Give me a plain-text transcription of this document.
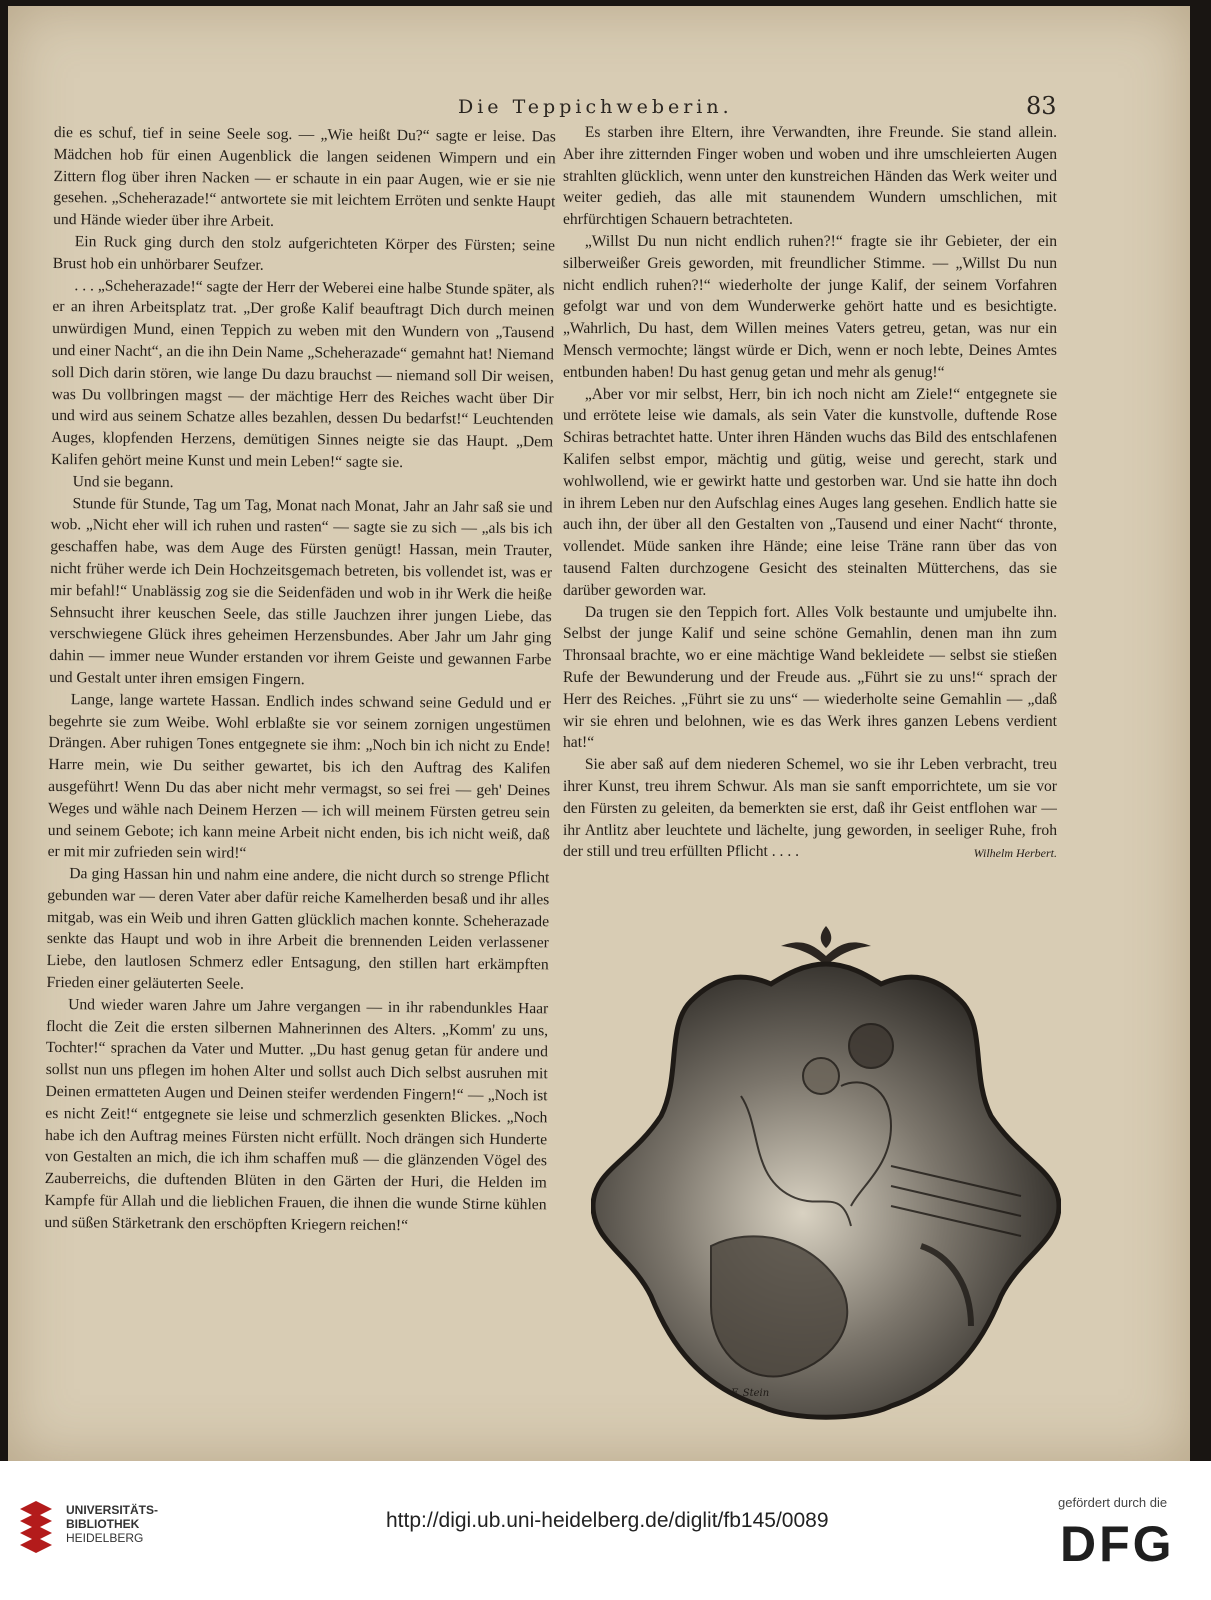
Die Teppichweberin.	83

die es schuf, tief in seine Seele sog. — „Wie heißt Du?“ sagte er leise. Das Mädchen hob für einen Augenblick die langen seidenen Wimpern und ein Zittern flog über ihren Nacken — er schaute in ein paar Augen, wie er sie nie gesehen. „Scheherazade!“ antwortete sie mit leichtem Erröten und senkte Haupt und Hände wieder über ihre Arbeit.

Ein Ruck ging durch den stolz aufgerichteten Körper des Fürsten; seine Brust hob ein unhörbarer Seufzer.

. . . „Scheherazade!“ sagte der Herr der Weberei eine halbe Stunde später, als er an ihren Arbeitsplatz trat. „Der große Kalif beauftragt Dich durch meinen unwürdigen Mund, einen Teppich zu weben mit den Wundern von „Tausend und einer Nacht“, an die ihn Dein Name „Scheherazade“ gemahnt hat! Niemand soll Dich darin stören, wie lange Du dazu brauchst — niemand soll Dir weisen, was Du vollbringen magst — der mächtige Herr des Reiches wacht über Dir und wird aus seinem Schatze alles bezahlen, dessen Du bedarfst!“ Leuchtenden Auges, klopfenden Herzens, demütigen Sinnes neigte sie das Haupt. „Dem Kalifen gehört meine Kunst und mein Leben!“ sagte sie.

Und sie begann.

Stunde für Stunde, Tag um Tag, Monat nach Monat, Jahr an Jahr saß sie und wob. „Nicht eher will ich ruhen und rasten“ — sagte sie zu sich — „als bis ich geschaffen habe, was dem Auge des Fürsten genügt! Hassan, mein Trauter, nicht früher werde ich Dein Hochzeitsgemach betreten, bis vollendet ist, was er mir befahl!“ Unablässig zog sie die Seidenfäden und wob in ihr Werk die heiße Sehnsucht ihrer keuschen Seele, das stille Jauchzen ihrer jungen Liebe, das verschwiegene Glück ihres geheimen Herzensbundes. Aber Jahr um Jahr ging dahin — immer neue Wunder erstanden vor ihrem Geiste und gewannen Farbe und Gestalt unter ihren emsigen Fingern.

Lange, lange wartete Hassan. Endlich indes schwand seine Geduld und er begehrte sie zum Weibe. Wohl erblaßte sie vor seinem zornigen ungestümen Drängen. Aber ruhigen Tones entgegnete sie ihm: „Noch bin ich nicht zu Ende! Harre mein, wie Du seither gewartet, bis ich den Auftrag des Kalifen ausgeführt! Wenn Du das aber nicht mehr vermagst, so sei frei — geh' Deines Weges und wähle nach Deinem Herzen — ich will meinem Fürsten getreu sein und seinem Gebote; ich kann meine Arbeit nicht enden, bis ich nicht weiß, daß er mit mir zufrieden sein wird!“

Da ging Hassan hin und nahm eine andere, die nicht durch so strenge Pflicht gebunden war — deren Vater aber dafür reiche Kamelherden besaß und ihr alles mitgab, was ein Weib und ihren Gatten glücklich machen konnte. Scheherazade senkte das Haupt und wob in ihre Arbeit die brennenden Leiden verlassener Liebe, den lautlosen Schmerz edler Entsagung, den stillen hart erkämpften Frieden einer geläuterten Seele.

Und wieder waren Jahre um Jahre vergangen — in ihr rabendunkles Haar flocht die Zeit die ersten silbernen Mahnerinnen des Alters. „Komm' zu uns, Tochter!“ sprachen da Vater und Mutter. „Du hast genug getan für andere und sollst nun uns pflegen im hohen Alter und sollst auch Dich selbst ausruhen mit Deinen ermatteten Augen und Deinen steifer werdenden Fingern!“ — „Noch ist es nicht Zeit!“ entgegnete sie leise und schmerzlich gesenkten Blickes. „Noch habe ich den Auftrag meines Fürsten nicht erfüllt. Noch drängen sich Hunderte von Gestalten an mich, die ich ihm schaffen muß — die glänzenden Vögel des Zauberreichs, die duftenden Blüten in den Gärten der Huri, die Helden im Kampfe für Allah und die lieblichen Frauen, die ihnen die wunde Stirne kühlen und süßen Stärketrank den erschöpften Kriegern reichen!“

Es starben ihre Eltern, ihre Verwandten, ihre Freunde. Sie stand allein. Aber ihre zitternden Finger woben und woben und ihre umschleierten Augen strahlten glücklich, wenn unter den kunstreichen Händen das Werk weiter und weiter gedieh, das alle mit staunendem Wundern umschlichen, mit ehrfürchtigen Schauern betrachteten.

„Willst Du nun nicht endlich ruhen?!“ fragte sie ihr Gebieter, der ein silberweißer Greis geworden, mit freundlicher Stimme. — „Willst Du nun nicht endlich ruhen?!“ wiederholte der junge Kalif, der seinem Vorfahren gefolgt war und von dem Wunderwerke gehört hatte und es besichtigte. „Wahrlich, Du hast, dem Willen meines Vaters getreu, getan, was nur ein Mensch vermochte; längst würde er Dich, wenn er noch lebte, Deines Amtes entbunden haben! Du hast genug getan und mehr als genug!“

„Aber vor mir selbst, Herr, bin ich noch nicht am Ziele!“ entgegnete sie und errötete leise wie damals, als sein Vater die kunstvolle, duftende Rose Schiras betrachtet hatte. Unter ihren Händen wuchs das Bild des entschlafenen Kalifen selbst empor, mächtig und gütig, weise und gerecht, stark und wohlwollend, wie er gewirkt hatte und gestorben war. Und sie hatte ihn doch in ihrem Leben nur den Aufschlag eines Auges lang gesehen. Endlich hatte sie auch ihn, der über all den Gestalten von „Tausend und einer Nacht“ thronte, vollendet. Müde sanken ihre Hände; eine leise Träne rann über das von tausend Falten durchzogene Gesicht des steinalten Mütterchens, das sie darüber geworden war.

Da trugen sie den Teppich fort. Alles Volk bestaunte und umjubelte ihn. Selbst der junge Kalif und seine schöne Gemahlin, denen man ihn zum Thronsaal brachte, wo er eine mächtige Wand bekleidete — selbst sie stießen Rufe der Bewunderung und der Freude aus. „Führt sie zu uns!“ sprach der Herr des Reiches. „Führt sie zu uns“ — wiederholte seine Gemahlin — „daß wir sie ehren und belohnen, wie es das Werk ihres ganzen Lebens verdient hat!“

Sie aber saß auf dem niederen Schemel, wo sie ihr Leben verbracht, treu ihrer Kunst, treu ihrem Schwur. Als man sie sanft emporrichtete, um sie vor den Fürsten zu geleiten, da bemerkten sie erst, daß ihr Geist entflohen war — ihr Antlitz aber leuchtete und lächelte, jung geworden, in seeliger Ruhe, froh der still und treu erfüllten Pflicht . . . .	Wilhelm Herbert.
F. Stein
UNIVERSITÄTS-
BIBLIOTHEK
HEIDELBERG
http://digi.ub.uni-heidelberg.de/diglit/fb145/0089
gefördert durch die
DFG
